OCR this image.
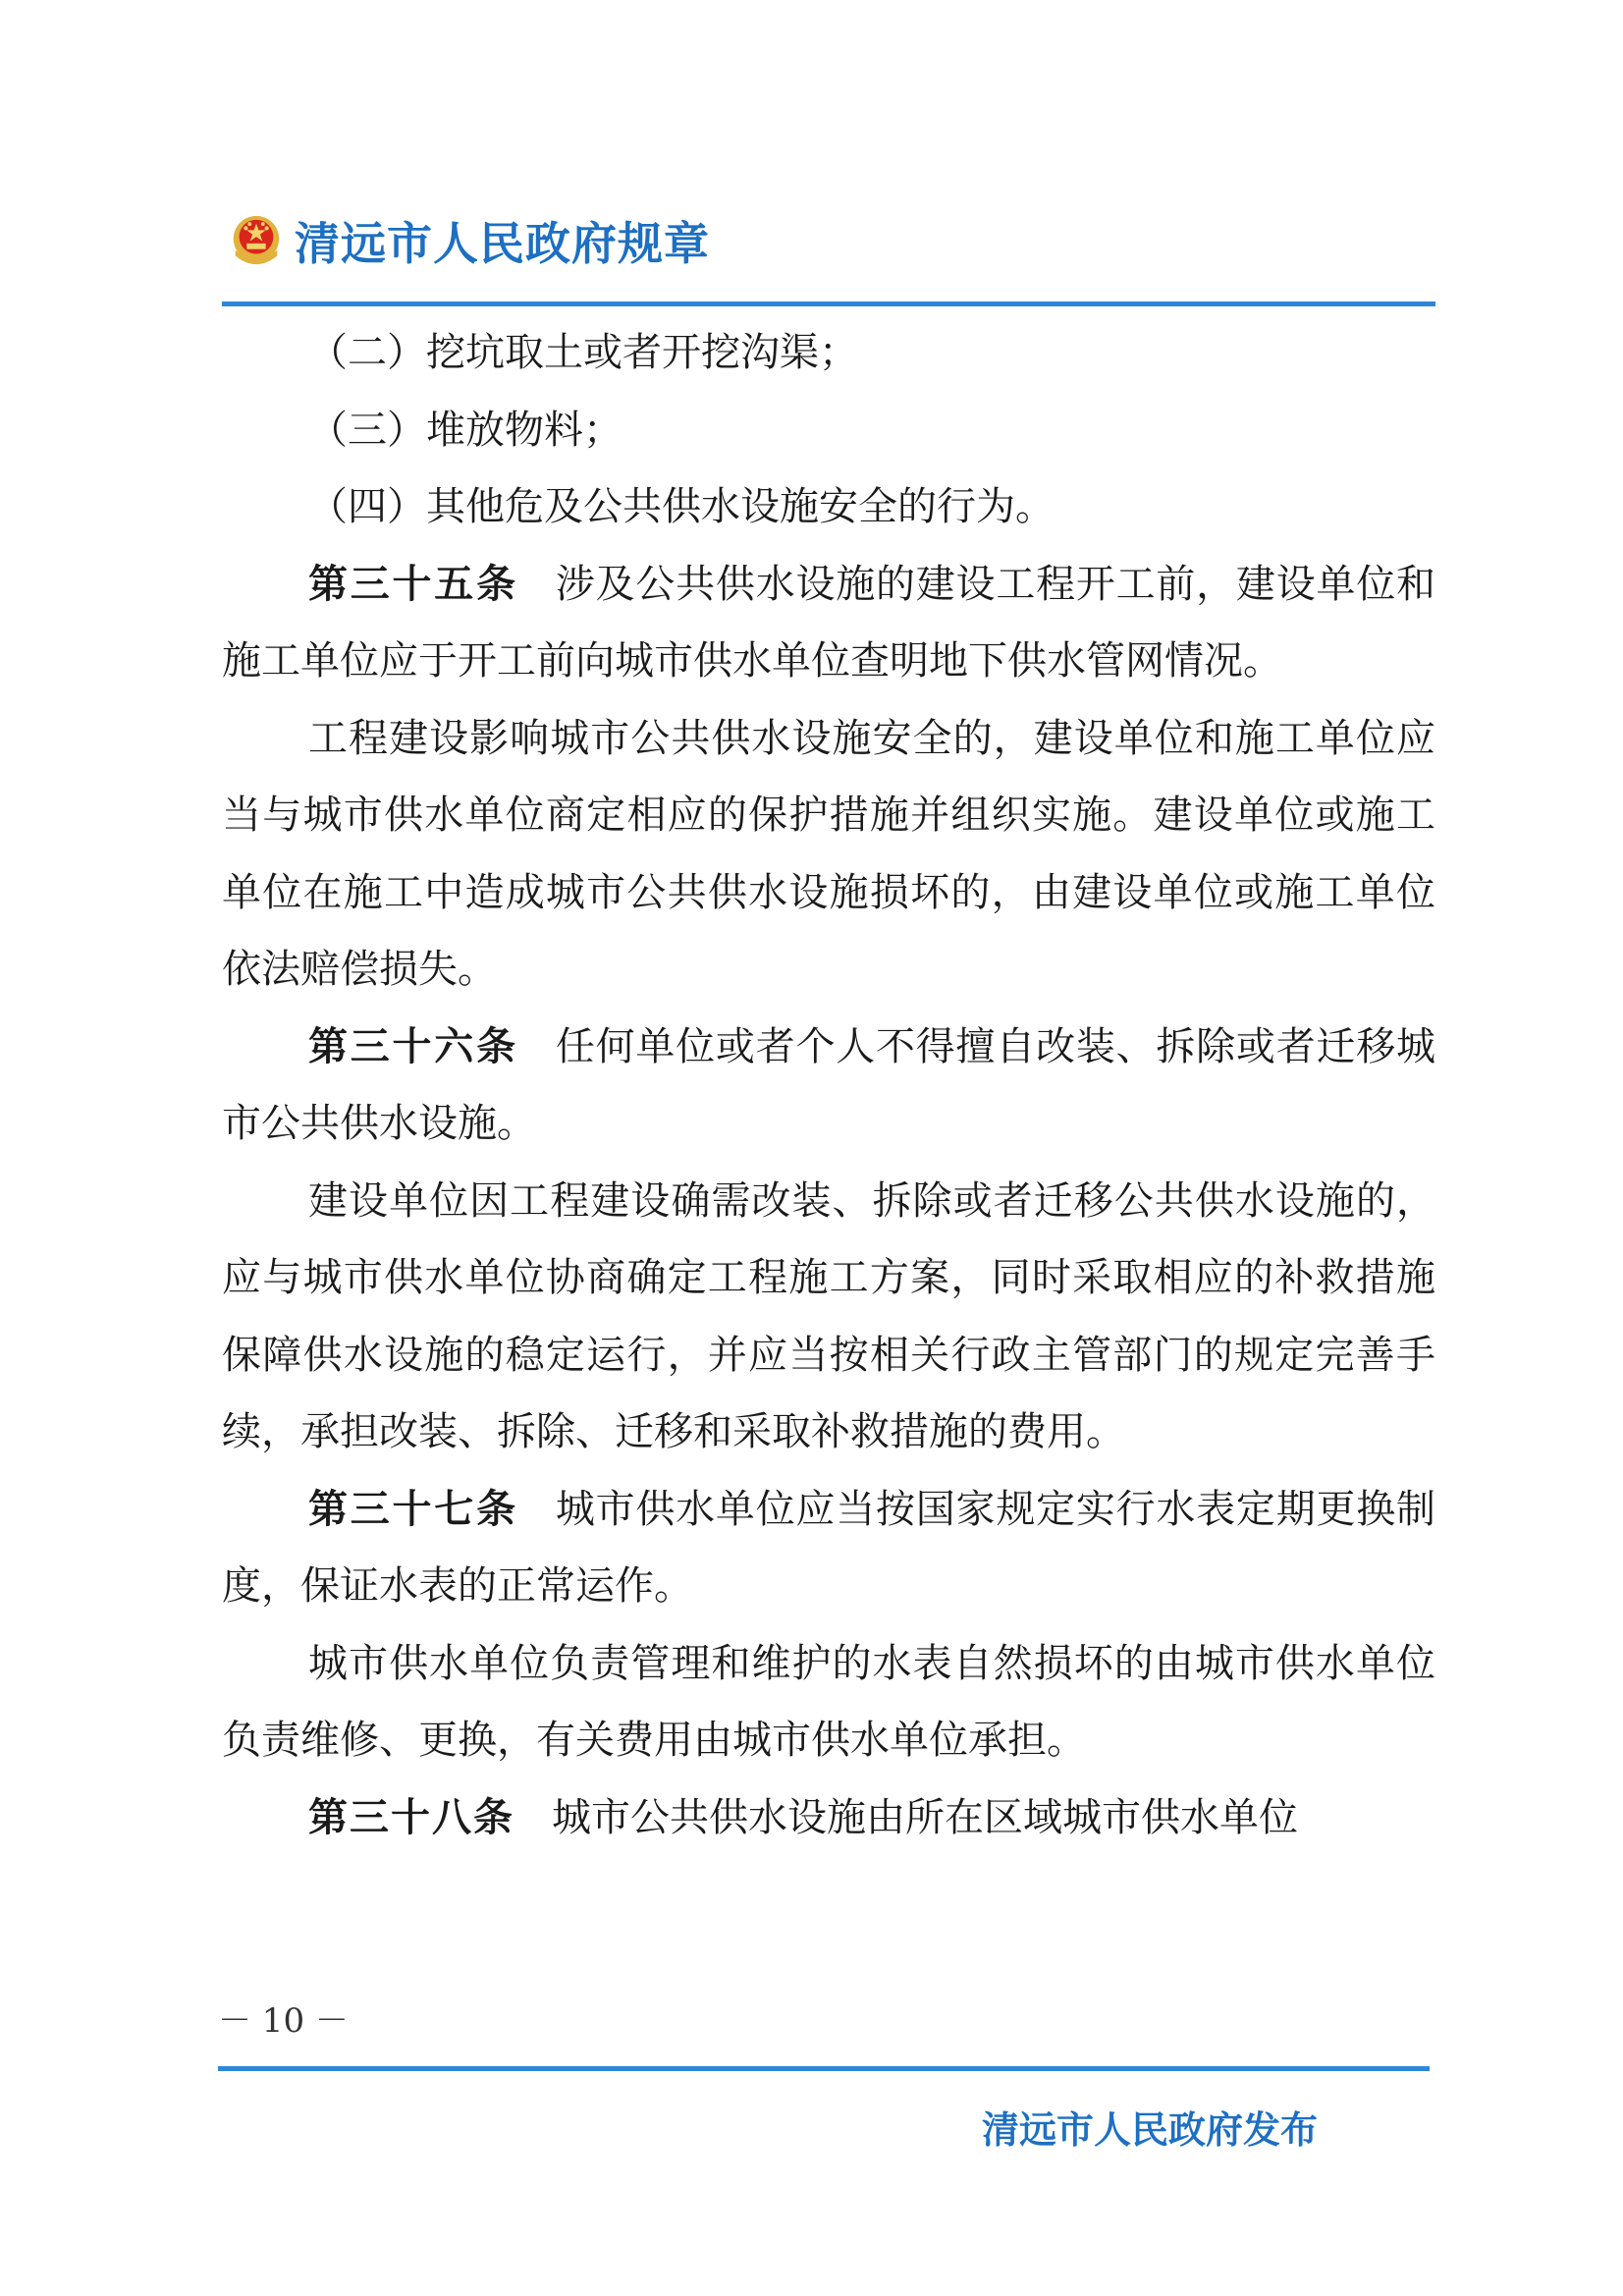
清远市人民政府规章

（二）挖坑取土或者开挖沟渠；

（三）堆放物料；

（四）其他危及公共供水设施安全的行为。

第三十五条 涉及公共供水设施的建设工程开工前，建设单位和施工单位应于开工前向城市供水单位查明地下供水管网情况。

工程建设影响城市公共供水设施安全的，建设单位和施工单位应当与城市供水单位商定相应的保护措施并组织实施。建设单位或施工单位在施工中造成城市公共供水设施损坏的，由建设单位或施工单位依法赔偿损失。

第三十六条 任何单位或者个人不得擅自改装、拆除或者迁移城市公共供水设施。

建设单位因工程建设确需改装、拆除或者迁移公共供水设施的，应与城市供水单位协商确定工程施工方案，同时采取相应的补救措施保障供水设施的稳定运行，并应当按相关行政主管部门的规定完善手续，承担改装、拆除、迁移和采取补救措施的费用。

第三十七条 城市供水单位应当按国家规定实行水表定期更换制度，保证水表的正常运作。

城市供水单位负责管理和维护的水表自然损坏的由城市供水单位负责维修、更换，有关费用由城市供水单位承担。

第三十八条 城市公共供水设施由所在区域城市供水单位

－ 10 －
清远市人民政府发布
